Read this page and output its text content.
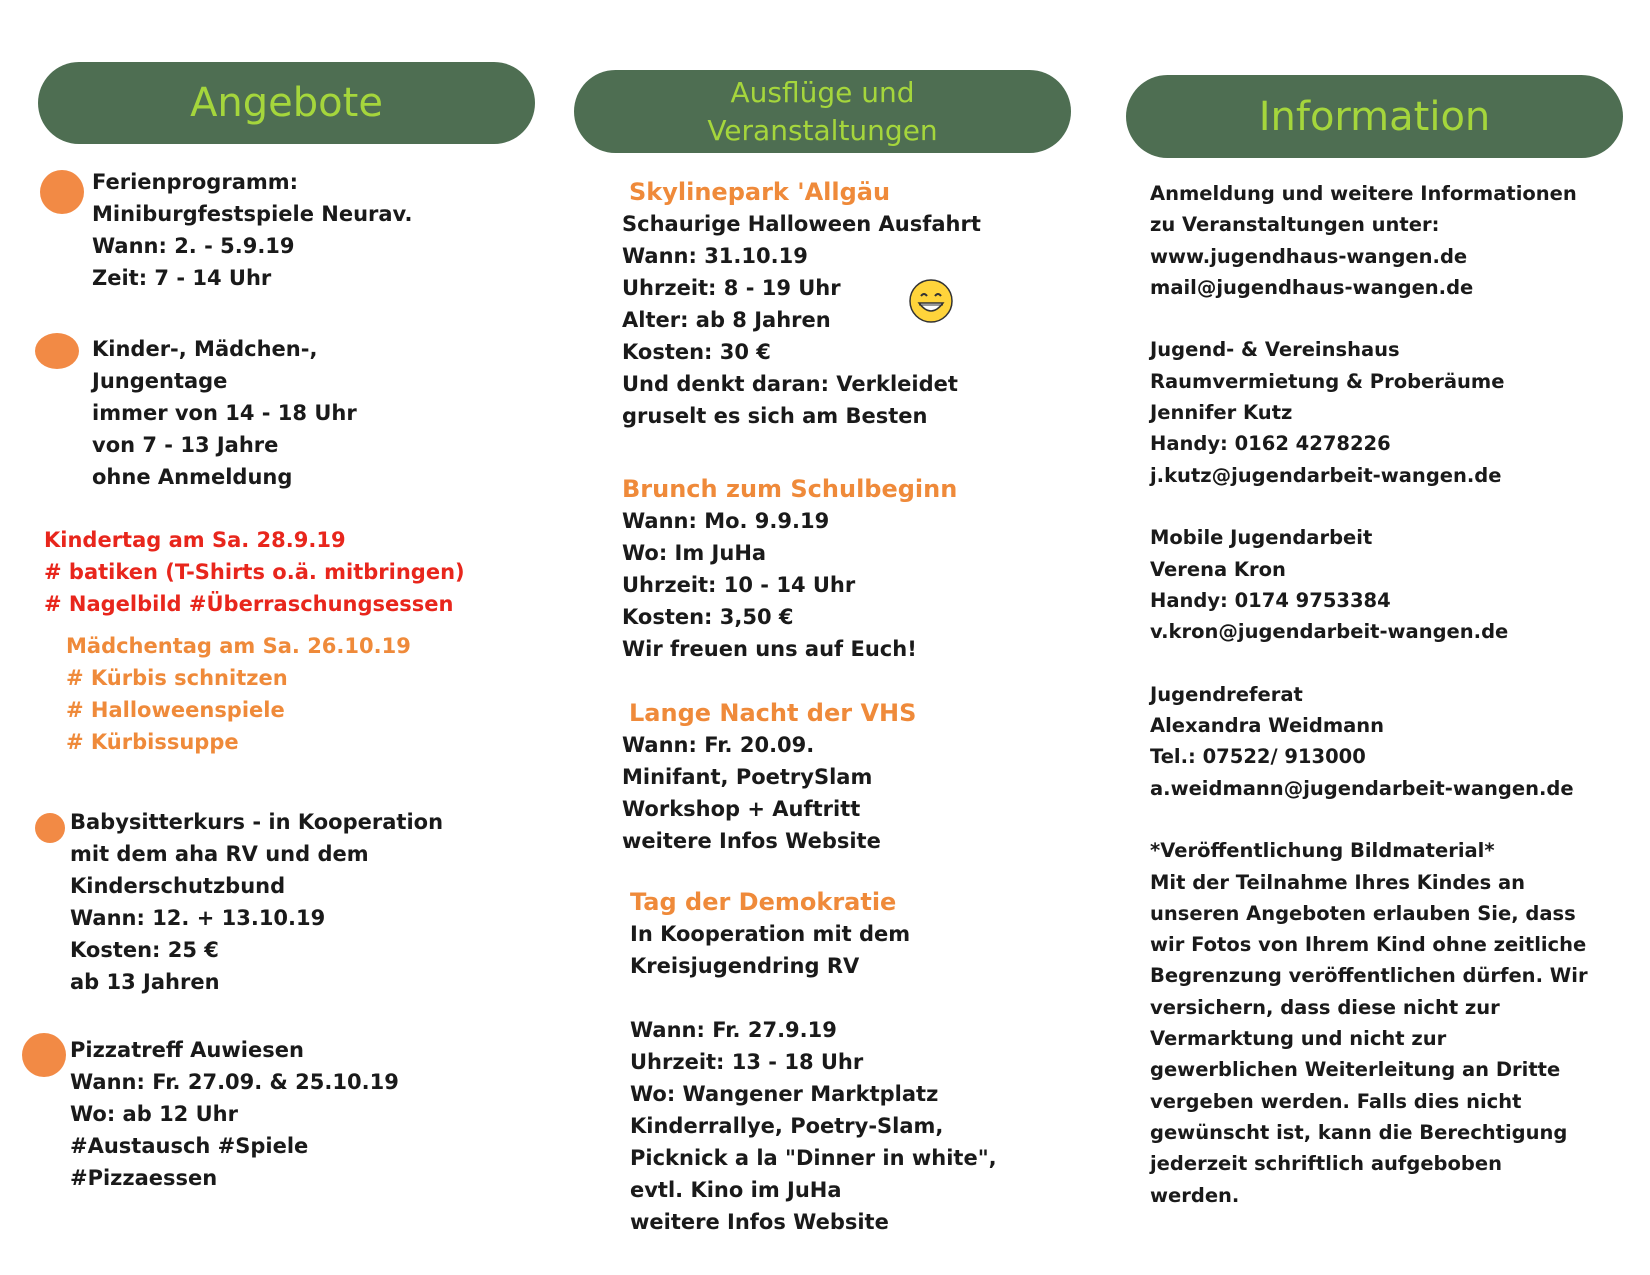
Angebote	Ausflüge und
Veranstaltungen	Information
Ferienprogramm:
Miniburgfestspiele Neurav.
Wann: 2. - 5.9.19
Zeit: 7 - 14 Uhr
Kinder-, Mädchen-,
Jungentage
immer von 14 - 18 Uhr
von 7 - 13 Jahre
ohne Anmeldung
Kindertag am Sa. 28.9.19
# batiken (T-Shirts o.ä. mitbringen)
# Nagelbild #Überraschungsessen
Mädchentag am Sa. 26.10.19
# Kürbis schnitzen
# Halloweenspiele
# Kürbissuppe
Babysitterkurs - in Kooperation
mit dem aha RV und dem
Kinderschutzbund
Wann: 12. + 13.10.19
Kosten: 25 €
ab 13 Jahren
Pizzatreff Auwiesen
Wann: Fr. 27.09. & 25.10.19
Wo: ab 12 Uhr
#Austausch #Spiele
#Pizzaessen
Skylinepark 'Allgäu
Schaurige Halloween Ausfahrt
Wann: 31.10.19
Uhrzeit: 8 - 19 Uhr
Alter: ab 8 Jahren
Kosten: 30 €
Und denkt daran: Verkleidet
gruselt es sich am Besten
Brunch zum Schulbeginn
Wann: Mo. 9.9.19
Wo: Im JuHa
Uhrzeit: 10 - 14 Uhr
Kosten: 3,50 €
Wir freuen uns auf Euch!
Lange Nacht der VHS
Wann: Fr. 20.09.
Minifant, PoetrySlam
Workshop + Auftritt
weitere Infos Website
Tag der Demokratie
In Kooperation mit dem
Kreisjugendring RV
Wann: Fr. 27.9.19
Uhrzeit: 13 - 18 Uhr
Wo: Wangener Marktplatz
Kinderrallye, Poetry-Slam,
Picknick a la "Dinner in white",
evtl. Kino im JuHa
weitere Infos Website
Anmeldung und weitere Informationen
zu Veranstaltungen unter:
www.jugendhaus-wangen.de
mail@jugendhaus-wangen.de
Jugend- & Vereinshaus
Raumvermietung & Proberäume
Jennifer Kutz
Handy: 0162 4278226
j.kutz@jugendarbeit-wangen.de
Mobile Jugendarbeit
Verena Kron
Handy: 0174 9753384
v.kron@jugendarbeit-wangen.de
Jugendreferat
Alexandra Weidmann
Tel.: 07522/ 913000
a.weidmann@jugendarbeit-wangen.de
*Veröffentlichung Bildmaterial*
Mit der Teilnahme Ihres Kindes an
unseren Angeboten erlauben Sie, dass
wir Fotos von Ihrem Kind ohne zeitliche
Begrenzung veröffentlichen dürfen. Wir
versichern, dass diese nicht zur
Vermarktung und nicht zur
gewerblichen Weiterleitung an Dritte
vergeben werden. Falls dies nicht
gewünscht ist, kann die Berechtigung
jederzeit schriftlich aufgeboben
werden.
